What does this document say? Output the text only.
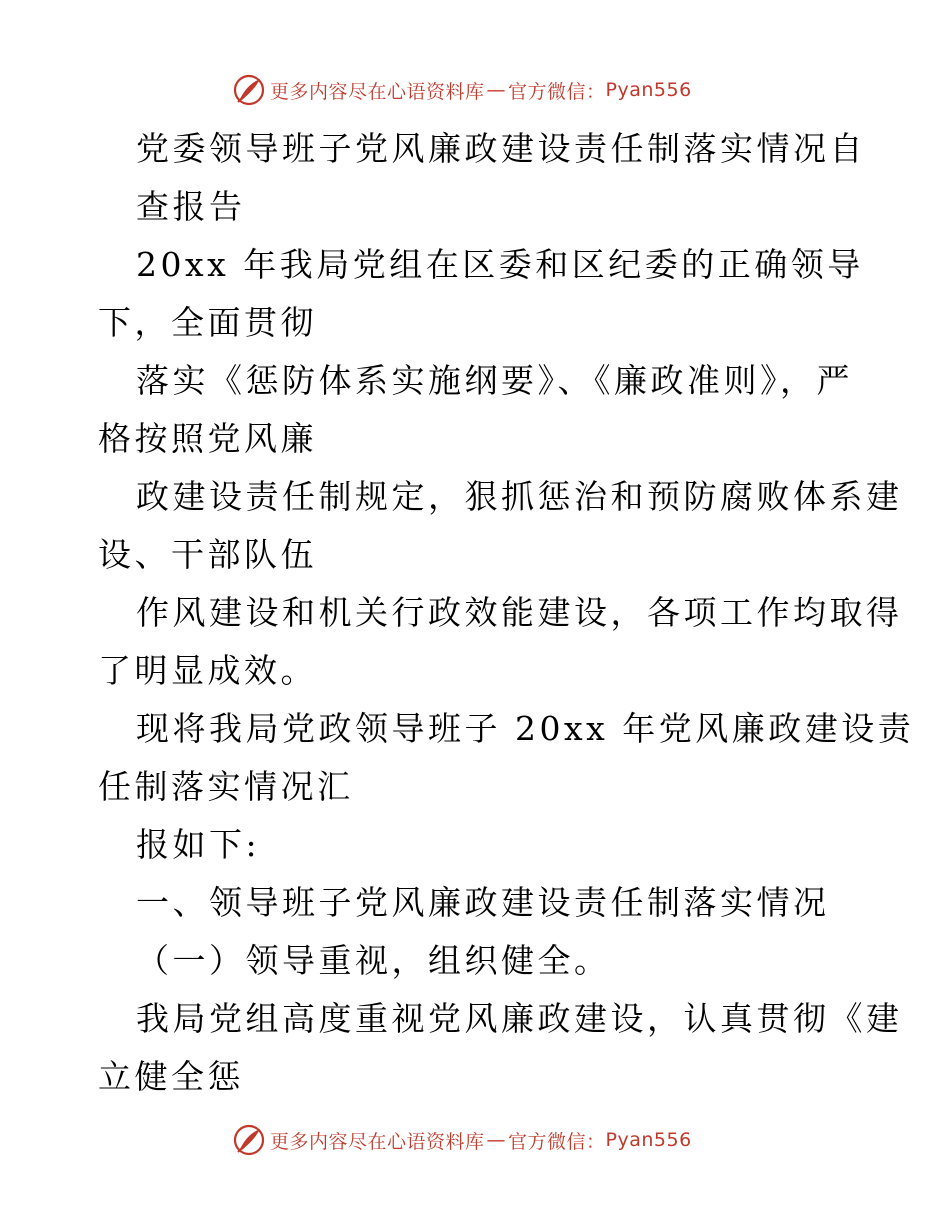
更多内容尽在心语资料库 — 官方微信： Pyan556
党委领导班子党风廉政建设责任制落实情况自
查报告
20xx 年我局党组在区委和区纪委的正确领导
下，全面贯彻
落实《惩防体系实施纲要》、《廉政准则》，严
格按照党风廉
政建设责任制规定，狠抓惩治和预防腐败体系建
设、干部队伍
作风建设和机关行政效能建设，各项工作均取得
了明显成效。
现将我局党政领导班子 20xx 年党风廉政建设责
任制落实情况汇
报如下:
一、领导班子党风廉政建设责任制落实情况
（一）领导重视，组织健全。
我局党组高度重视党风廉政建设，认真贯彻《建
立健全惩
更多内容尽在心语资料库 — 官方微信： Pyan556
